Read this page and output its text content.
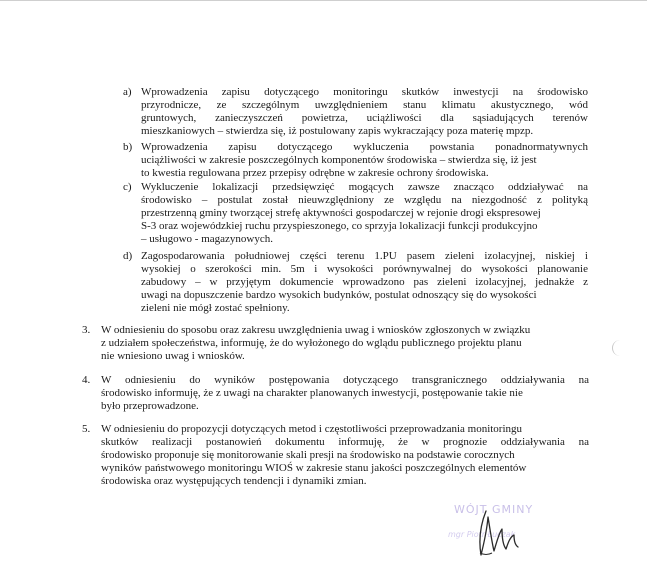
a) Wprowadzenia zapisu dotyczącego monitoringu skutków inwestycji na środowisko
przyrodnicze, ze szczególnym uwzględnieniem stanu klimatu akustycznego, wód
gruntowych, zanieczyszczeń powietrza, uciążliwości dla sąsiadujących terenów
mieszkaniowych – stwierdza się, iż postulowany zapis wykraczający poza materię mpzp.
b) Wprowadzenia zapisu dotyczącego wykluczenia powstania ponadnormatywnych
uciążliwości w zakresie poszczególnych komponentów środowiska – stwierdza się, iż jest
to kwestia regulowana przez przepisy odrębne w zakresie ochrony środowiska.
c) Wykluczenie lokalizacji przedsięwzięć mogących zawsze znacząco oddziaływać na
środowisko – postulat został nieuwzględniony ze względu na niezgodność z polityką
przestrzenną gminy tworzącej strefę aktywności gospodarczej w rejonie drogi ekspresowej
S-3 oraz wojewódzkiej ruchu przyspieszonego, co sprzyja lokalizacji funkcji produkcyjno
– usługowo - magazynowych.
d) Zagospodarowania południowej części terenu 1.PU pasem zieleni izolacyjnej, niskiej i
wysokiej o szerokości min. 5m i wysokości porównywalnej do wysokości planowanie
zabudowy – w przyjętym dokumencie wprowadzono pas zieleni izolacyjnej, jednakże z
uwagi na dopuszczenie bardzo wysokich budynków, postulat odnoszący się do wysokości
zieleni nie mógł zostać spełniony.
3. W odniesieniu do sposobu oraz zakresu uwzględnienia uwag i wniosków zgłoszonych w związku
z udziałem społeczeństwa, informuję, że do wyłożonego do wglądu publicznego projektu planu
nie wniesiono uwag i wniosków.
4. W odniesieniu do wyników postępowania dotyczącego transgranicznego oddziaływania na
środowisko informuję, że z uwagi na charakter planowanych inwestycji, postępowanie takie nie
było przeprowadzone.
5. W odniesieniu do propozycji dotyczących metod i częstotliwości przeprowadzania monitoringu
skutków realizacji postanowień dokumentu informuję, że w prognozie oddziaływania na
środowisko proponuje się monitorowanie skali presji na środowisko na podstawie corocznych
wyników państwowego monitoringu WIOŚ w zakresie stanu jakości poszczególnych elementów
środowiska oraz występujących tendencji i dynamiki zmian.
WÓJT GMINY
mgr Piotr Łuczak
